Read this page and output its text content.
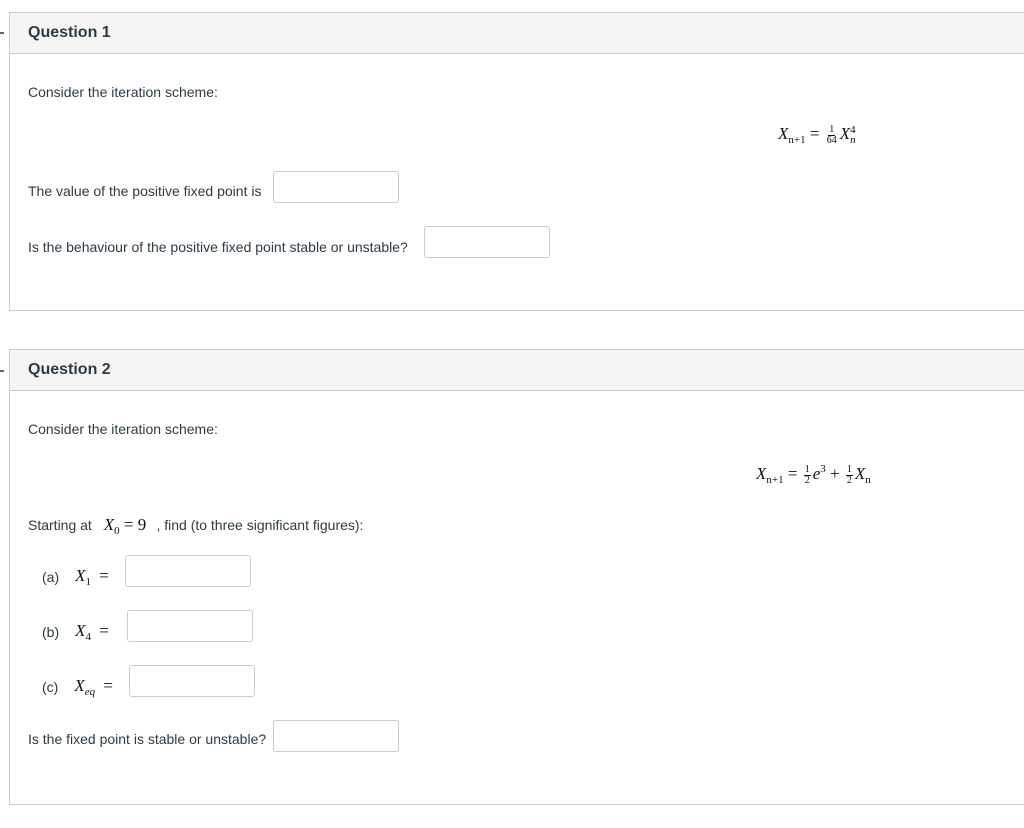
Question 1
Consider the iteration scheme:
$X_{n+1} = \frac{1}{64}$ X 4
n
The value of the positive fixed point is
Is the behaviour of the positive fixed point stable or unstable?
Question 2
Consider the iteration scheme:
$X_{n+1} = \frac{1}{2} e^3 + \frac{1}{2} X_n$
Starting at $X_0 = 9$ , find (to three significant figures):
(a) $X_1$ =
(b) $X_4$ =
(c) $X_{eq}$ =
Is the fixed point is stable or unstable?
